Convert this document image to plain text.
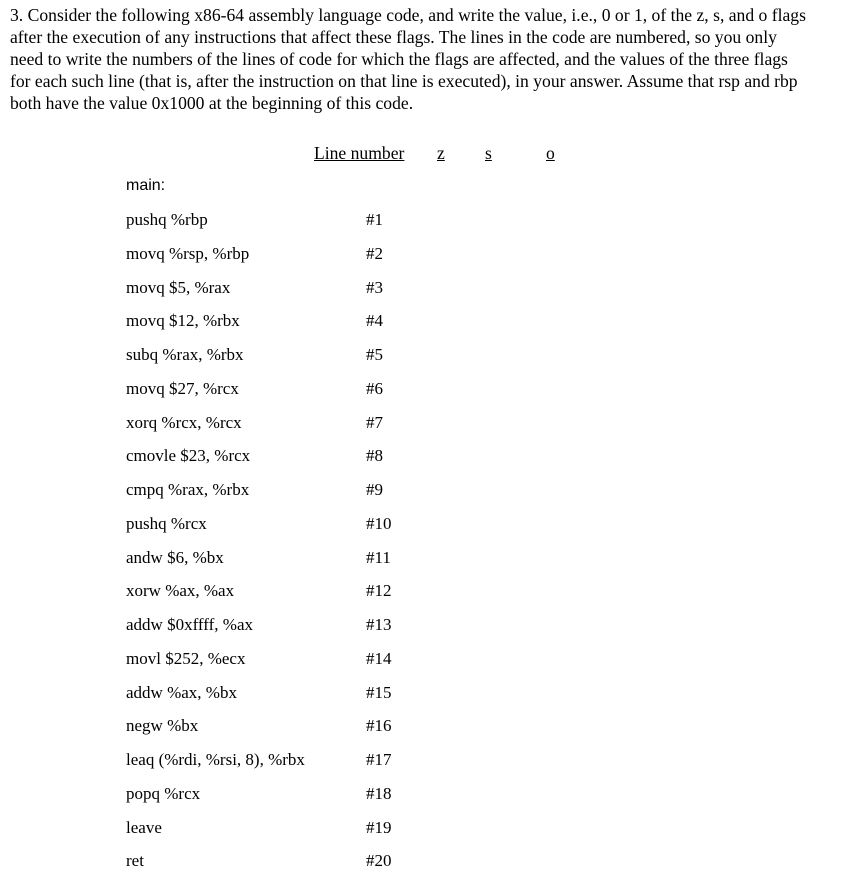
3. Consider the following x86-64 assembly language code, and write the value, i.e., 0 or 1, of the z, s, and o flags after the execution of any instructions that affect these flags. The lines in the code are numbered, so you only need to write the numbers of the lines of code for which the flags are affected, and the values of the three flags for each such line (that is, after the instruction on that line is executed), in your answer. Assume that rsp and rbp both have the value 0x1000 at the beginning of this code.
Line number z s	o
main:
pushq %rbp	#1
movq %rsp, %rbp	#2
movq $5, %rax	#3
movq $12, %rbx	#4
subq %rax, %rbx	#5
movq $27, %rcx	#6
xorq %rcx, %rcx	#7
cmovle $23, %rcx	#8
cmpq %rax, %rbx	#9
pushq %rcx	#10
andw $6, %bx	#11
xorw %ax, %ax	#12
addw $0xffff, %ax	#13
movl $252, %ecx	#14
addw %ax, %bx	#15
negw %bx	#16
leaq (%rdi, %rsi, 8), %rbx	#17
popq %rcx	#18
leave	#19
ret	#20
